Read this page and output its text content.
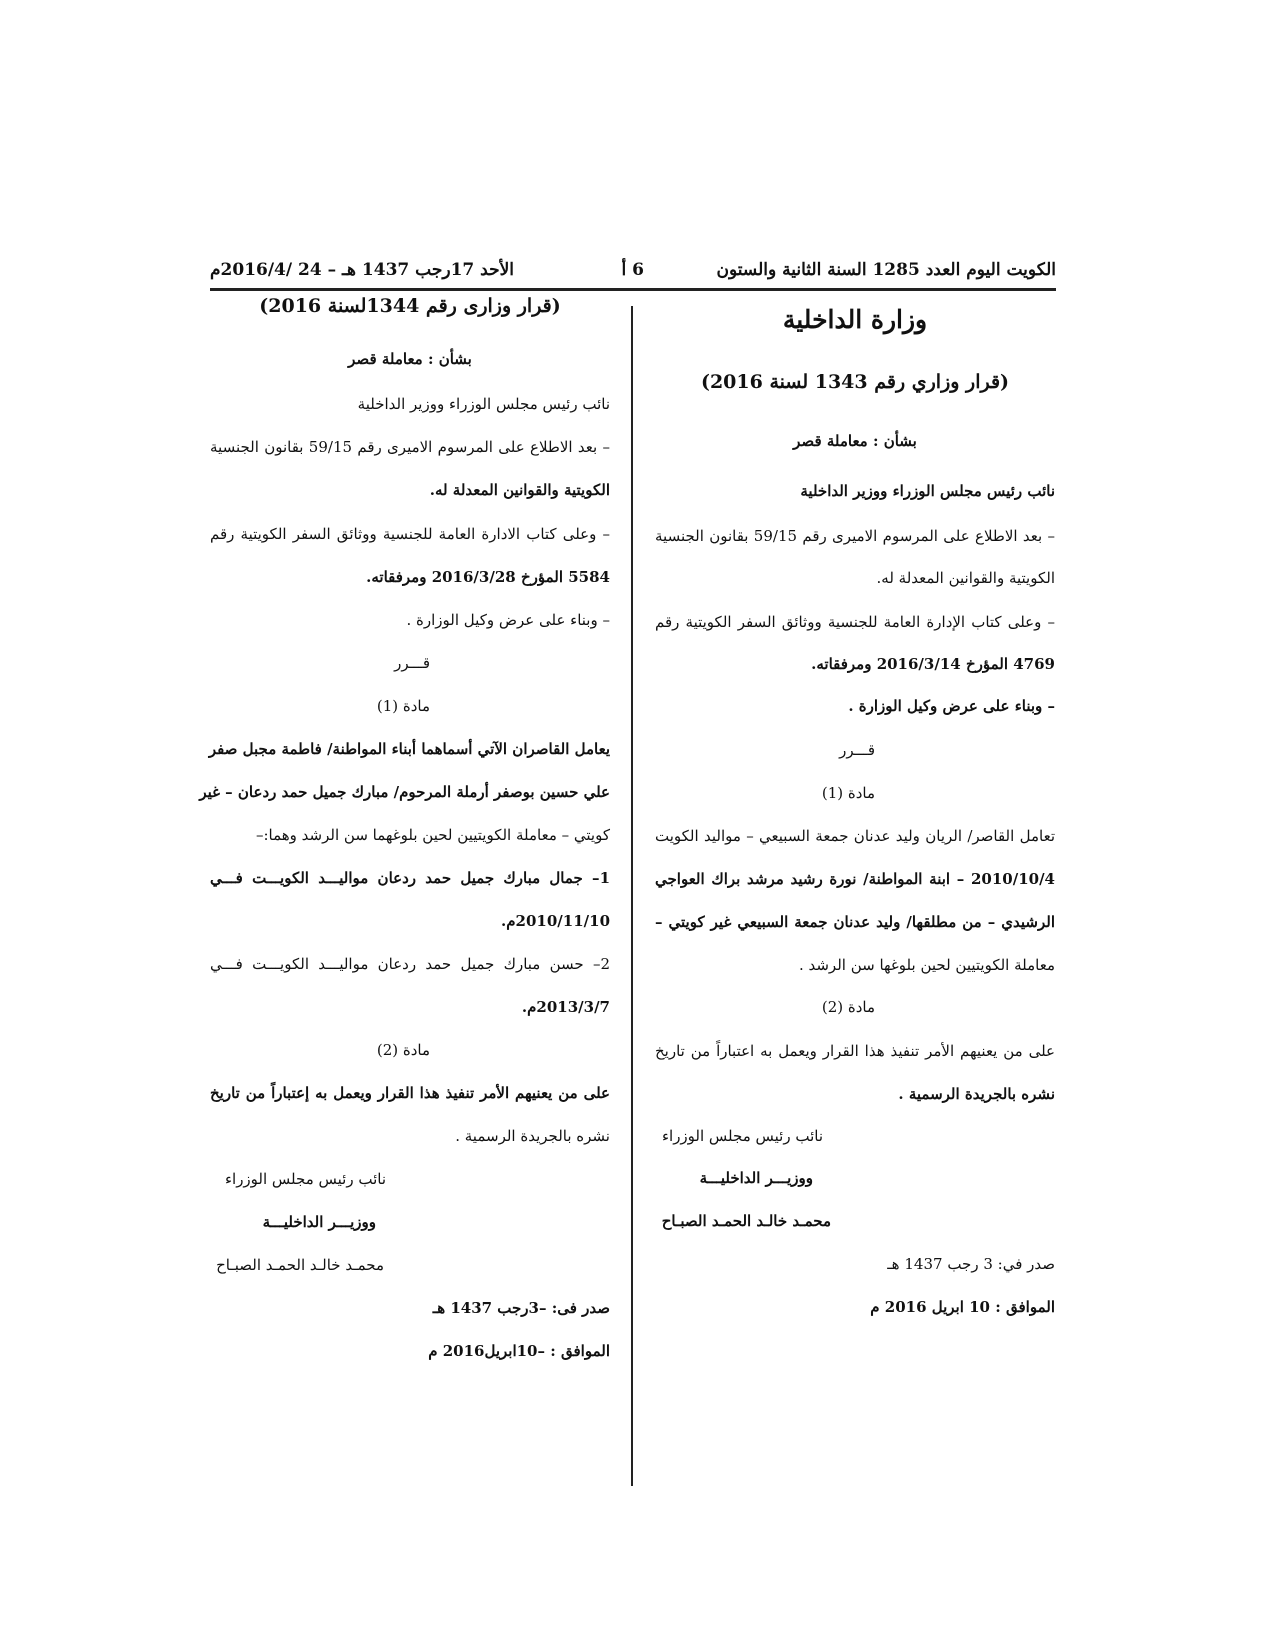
الكويت اليوم العدد 1285 السنة الثانية والستون
6 أ
الأحد 17رجب 1437 هـ – 24 /2016/4م
وزارة الداخلية
(قرار وزاري رقم 1343 لسنة 2016)
بشأن : معاملة قصر
نائب رئيس مجلس الوزراء ووزير الداخلية
– بعد الاطلاع على المرسوم الاميرى رقم 59/15 بقانون الجنسية
الكويتية والقوانين المعدلة له.
– وعلى كتاب الإدارة العامة للجنسية ووثائق السفر الكويتية رقم
4769 المؤرخ 2016/3/14 ومرفقاته.
– وبناء على عرض وكيل الوزارة .
قـــرر
مادة (1)
تعامل القاصر/ الريان وليد عدنان جمعة السبيعي – مواليد الكويت
2010/10/4 – ابنة المواطنة/ نورة رشيد مرشد براك العواجي
الرشيدي – من مطلقها/ وليد عدنان جمعة السبيعي غير كويتي –
معاملة الكويتيين لحين بلوغها سن الرشد .
مادة (2)
على من يعنيهم الأمر تنفيذ هذا القرار ويعمل به اعتباراً من تاريخ
نشره بالجريدة الرسمية .
نائب رئيس مجلس الوزراء
ووزيـــر الداخليـــة
محمـد خالـد الحمـد الصبـاح
صدر في: 3 رجب 1437 هـ
الموافق : 10 ابريل 2016 م
(قرار وزارى رقم 1344لسنة 2016)
بشأن : معاملة قصر
نائب رئيس مجلس الوزراء ووزير الداخلية
– بعد الاطلاع على المرسوم الاميرى رقم 59/15 بقانون الجنسية
الكويتية والقوانين المعدلة له.
– وعلى كتاب الادارة العامة للجنسية ووثائق السفر الكويتية رقم
5584 المؤرخ 2016/3/28 ومرفقاته.
– وبناء على عرض وكيل الوزارة .
قـــرر
مادة (1)
يعامل القاصران الآتي أسماهما أبناء المواطنة/ فاطمة مجبل صفر
علي حسين بوصفر أرملة المرحوم/ مبارك جميل حمد ردعان – غير
كويتي – معاملة الكويتيين لحين بلوغهما سن الرشد وهما:–
1– جمال مبارك جميل حمد ردعان مواليـــد الكويـــت فـــي
2010/11/10م.
2– حسن مبارك جميل حمد ردعان مواليـــد الكويـــت فـــي
2013/3/7م.
مادة (2)
على من يعنيهم الأمر تنفيذ هذا القرار ويعمل به إعتباراً من تاريخ
نشره بالجريدة الرسمية .
نائب رئيس مجلس الوزراء
ووزيـــر الداخليـــة
محمـد خالـد الحمـد الصبـاح
صدر فى: –3رجب 1437 هـ
الموافق : –10ابريل2016 م
